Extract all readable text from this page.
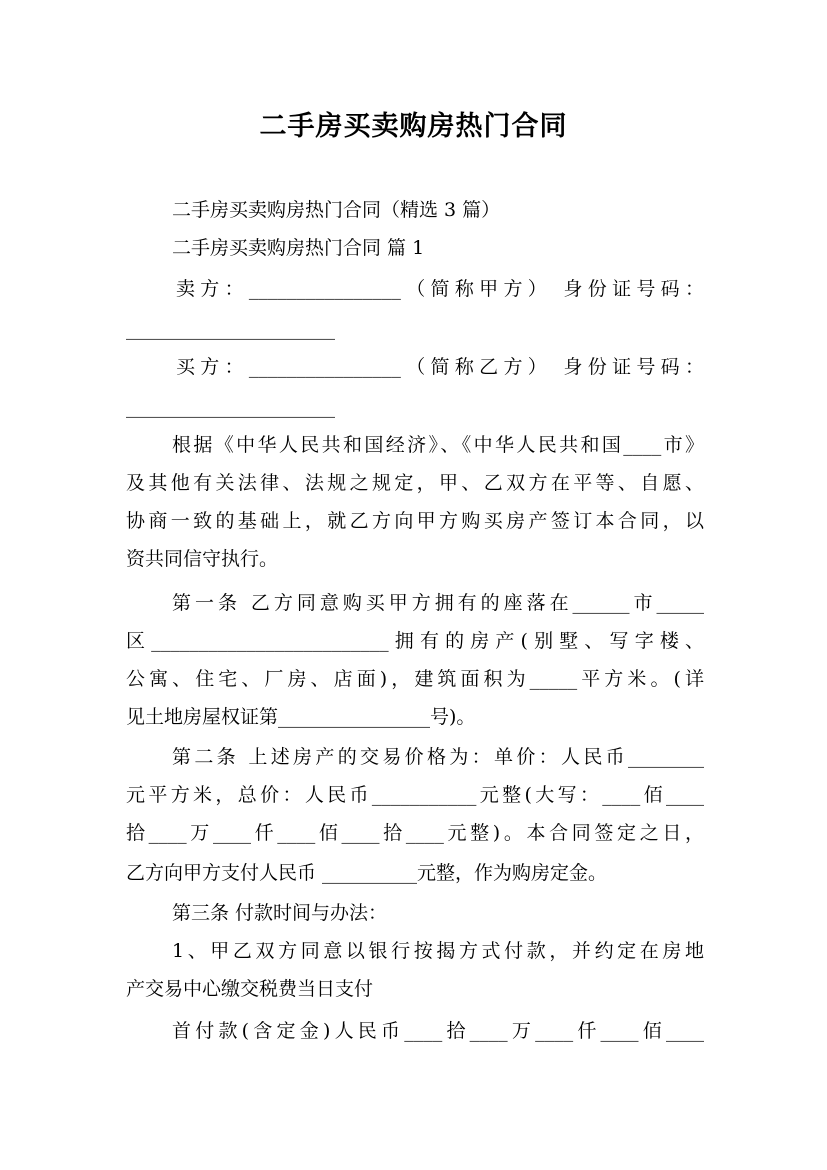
二手房买卖购房热门合同
二手房买卖购房热门合同（精选 3 篇）
二手房买卖购房热门合同 篇 1
卖方：________________（简称甲方） 身份证号码：
______________________
买方：________________（简称乙方） 身份证号码：
______________________
根据《中华人民共和国经济》、《中华人民共和国____市》
及其他有关法律、法规之规定，甲、乙双方在平等、自愿、
协商一致的基础上，就乙方向甲方购买房产签订本合同，以
资共同信守执行。
第一条 乙方同意购买甲方拥有的座落在______市_____
区_________________________拥有的房产(别墅、写字楼、
公寓、住宅、厂房、店面)，建筑面积为_____平方米。(详
见土地房屋权证第________________号)。
第二条 上述房产的交易价格为：单价：人民币________
元平方米，总价：人民币___________元整(大写：____佰____
拾____万____仟____佰____拾____元整)。本合同签定之日，
乙方向甲方支付人民币 __________元整，作为购房定金。
第三条 付款时间与办法：
1、甲乙双方同意以银行按揭方式付款，并约定在房地
产交易中心缴交税费当日支付
首付款(含定金)人民币____拾____万____仟____佰____
